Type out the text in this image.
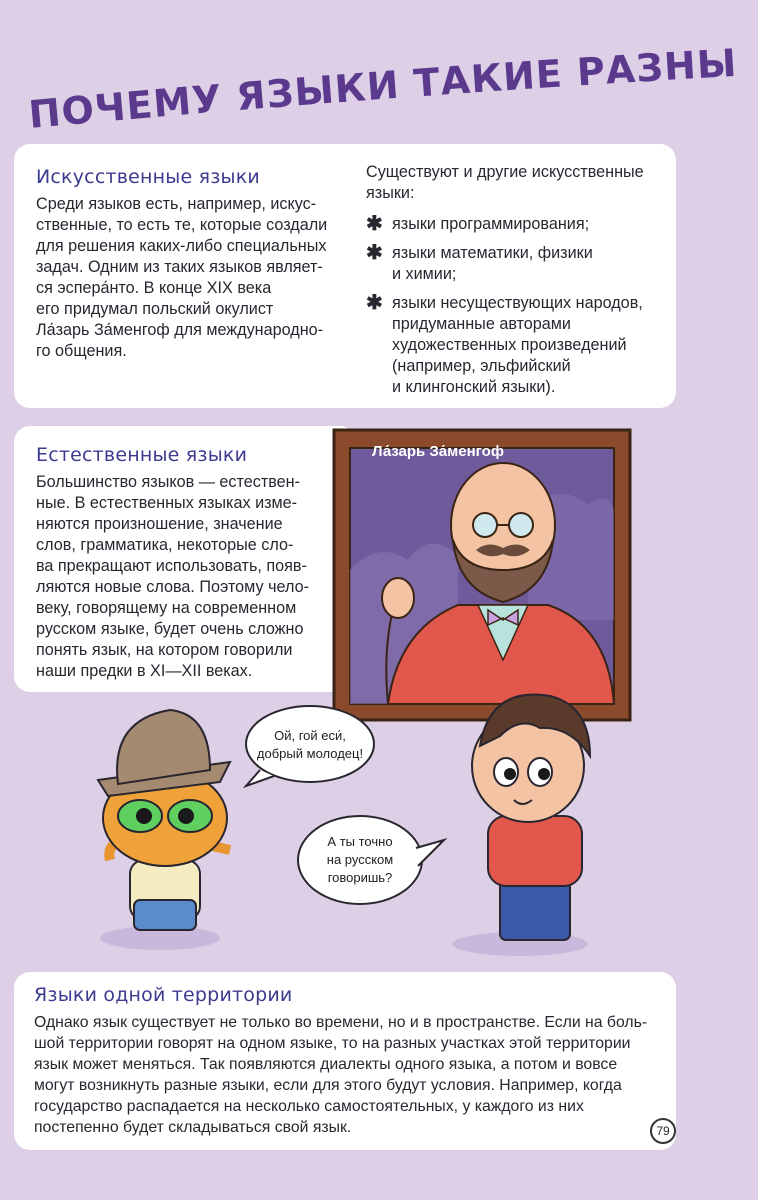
ПОЧЕМУ ЯЗЫКИ ТАКИЕ РАЗНЫ
Искусственные языки
Среди языков есть, например, искус-
ственные, то есть те, которые создали
для решения каких-либо специальных
задач. Одним из таких языков являет-
ся эспера́нто. В конце XIX века
его придумал польский окулист
Ла́зарь За́менгоф для международно-
го общения.
Существуют и другие искусственные
языки:
✱ языки программирования;
✱ языки математики, физики
и химии;
✱ языки несуществующих народов,
придуманные авторами
художественных произведений
(например, эльфийский
и клингонский языки).
Естественные языки
Большинство языков — естествен-
ные. В естественных языках изме-
няются произношение, значение
слов, грамматика, некоторые сло-
ва прекращают использовать, появ-
ляются новые слова. Поэтому чело-
веку, говорящему на современном
русском языке, будет очень сложно
понять язык, на котором говорили
наши предки в XI—XII веках.
Ла́зарь За́менгоф
Ой, гой еси́,
добрый молодец!
А ты точно
на русском
говоришь?
Языки одной территории
Однако язык существует не только во времени, но и в пространстве. Если на боль-
шой территории говорят на одном языке, то на разных участках этой территории
язык может меняться. Так появляются диалекты одного языка, а потом и вовсе
могут возникнуть разные языки, если для этого будут условия. Например, когда
государство распадается на несколько самостоятельных, у каждого из них
постепенно будет складываться свой язык.	79
